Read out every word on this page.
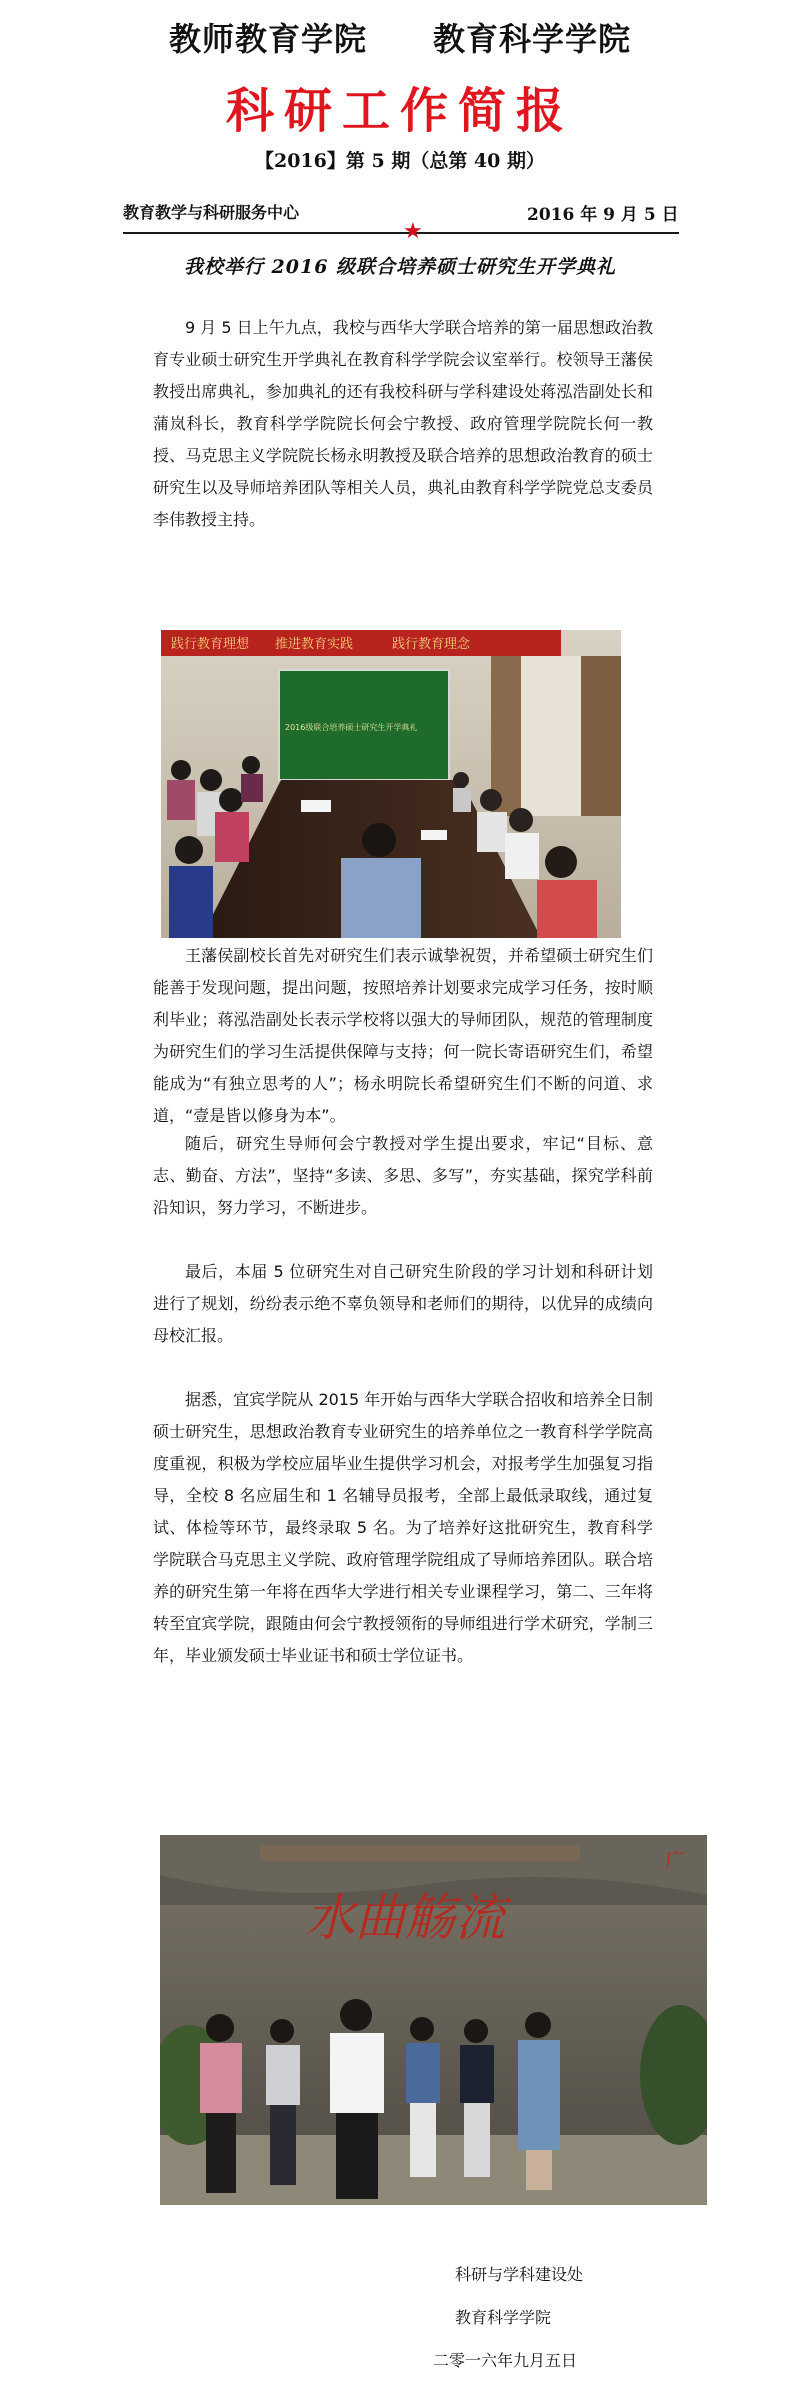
教师教育学院　　教育科学学院
科研工作简报
【2016】第 5 期（总第 40 期）
教育教学与科研服务中心	2016 年 9 月 5 日
★
我校举行 2016 级联合培养硕士研究生开学典礼

9 月 5 日上午九点，我校与西华大学联合培养的第一届思想政治教育专业硕士研究生开学典礼在教育科学学院会议室举行。校领导王藩侯教授出席典礼，参加典礼的还有我校科研与学科建设处蒋泓浩副处长和蒲岚科长，教育科学学院院长何会宁教授、政府管理学院院长何一教授、马克思主义学院院长杨永明教授及联合培养的思想政治教育的硕士研究生以及导师培养团队等相关人员，典礼由教育科学学院党总支委员李伟教授主持。

践行教育理想　　推进教育实践　　　践行教育理念
2016级联合培养硕士研究生开学典礼

王藩侯副校长首先对研究生们表示诚挚祝贺，并希望硕士研究生们能善于发现问题，提出问题，按照培养计划要求完成学习任务，按时顺利毕业；蒋泓浩副处长表示学校将以强大的导师团队，规范的管理制度为研究生们的学习生活提供保障与支持；何一院长寄语研究生们，希望能成为“有独立思考的人”；杨永明院长希望研究生们不断的问道、求道，“壹是皆以修身为本”。

随后，研究生导师何会宁教授对学生提出要求，牢记“目标、意志、勤奋、方法”，坚持“多读、多思、多写”，夯实基础，探究学科前沿知识，努力学习，不断进步。

最后，本届 5 位研究生对自己研究生阶段的学习计划和科研计划进行了规划，纷纷表示绝不辜负领导和老师们的期待，以优异的成绩向母校汇报。

据悉，宜宾学院从 2015 年开始与西华大学联合招收和培养全日制硕士研究生，思想政治教育专业研究生的培养单位之一教育科学学院高度重视，积极为学校应届毕业生提供学习机会，对报考学生加强复习指导，全校 8 名应届生和 1 名辅导员报考，全部上最低录取线，通过复试、体检等环节，最终录取 5 名。为了培养好这批研究生，教育科学学院联合马克思主义学院、政府管理学院组成了导师培养团队。联合培养的研究生第一年将在西华大学进行相关专业课程学习，第二、三年将转至宜宾学院，跟随由何会宁教授领衔的导师组进行学术研究，学制三年，毕业颁发硕士毕业证书和硕士学位证书。

水曲觞流
广
科研与学科建设处
教育科学学院
二零一六年九月五日
